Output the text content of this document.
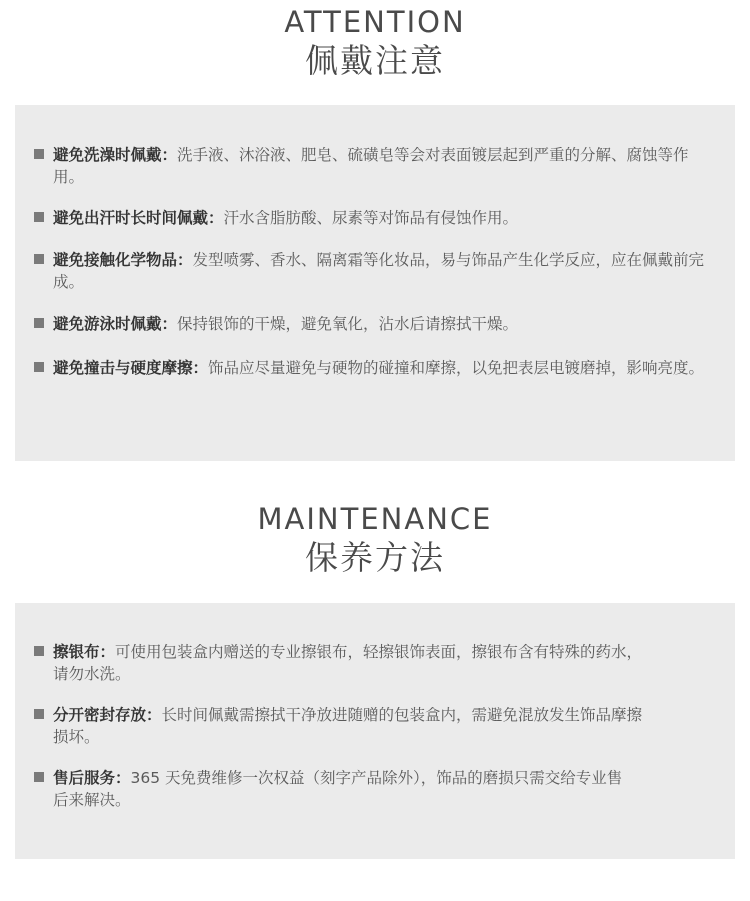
ATTENTION
佩戴注意
避免洗澡时佩戴：洗手液、沐浴液、肥皂、硫磺皂等会对表面镀层起到严重的分解、腐蚀等作用。
避免出汗时长时间佩戴：汗水含脂肪酸、尿素等对饰品有侵蚀作用。
避免接触化学物品：发型喷雾、香水、隔离霜等化妆品，易与饰品产生化学反应，应在佩戴前完成。
避免游泳时佩戴：保持银饰的干燥，避免氧化，沾水后请擦拭干燥。
避免撞击与硬度摩擦：饰品应尽量避免与硬物的碰撞和摩擦，以免把表层电镀磨掉，影响亮度。
MAINTENANCE
保养方法
擦银布：可使用包装盒内赠送的专业擦银布，轻擦银饰表面，擦银布含有特殊的药水，请勿水洗。
分开密封存放：长时间佩戴需擦拭干净放进随赠的包装盒内，需避免混放发生饰品摩擦损坏。
售后服务：365 天免费维修一次权益（刻字产品除外），饰品的磨损只需交给专业售后来解决。
